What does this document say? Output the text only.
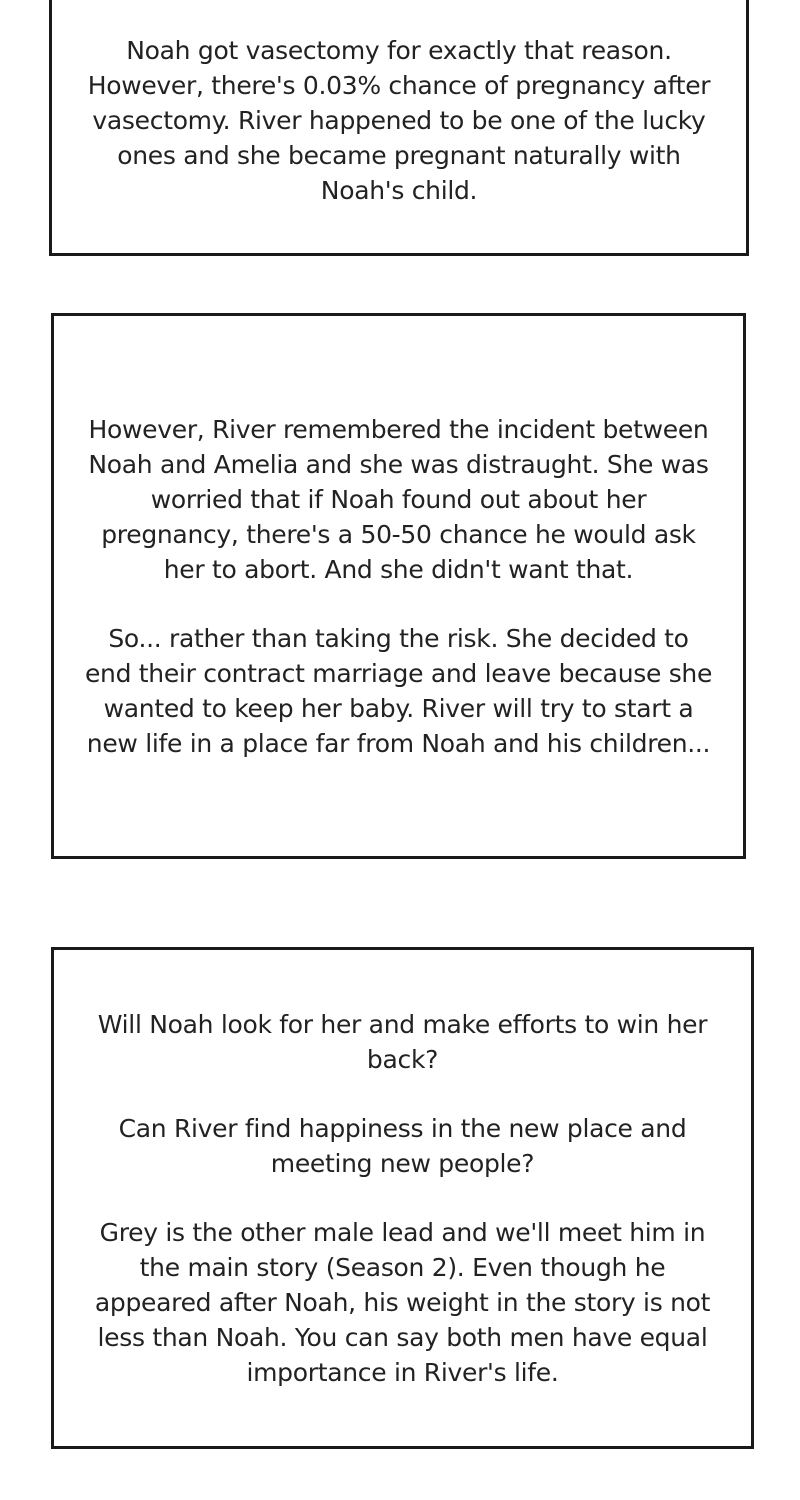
Noah got vasectomy for exactly that reason. However, there's 0.03% chance of pregnancy after vasectomy. River happened to be one of the lucky ones and she became pregnant naturally with Noah's child.

However, River remembered the incident between Noah and Amelia and she was distraught. She was worried that if Noah found out about her pregnancy, there's a 50-50 chance he would ask her to abort. And she didn't want that.

So... rather than taking the risk. She decided to end their contract marriage and leave because she wanted to keep her baby. River will try to start a new life in a place far from Noah and his children...

Will Noah look for her and make efforts to win her back?

Can River find happiness in the new place and meeting new people?

Grey is the other male lead and we'll meet him in the main story (Season 2). Even though he appeared after Noah, his weight in the story is not less than Noah. You can say both men have equal importance in River's life.
